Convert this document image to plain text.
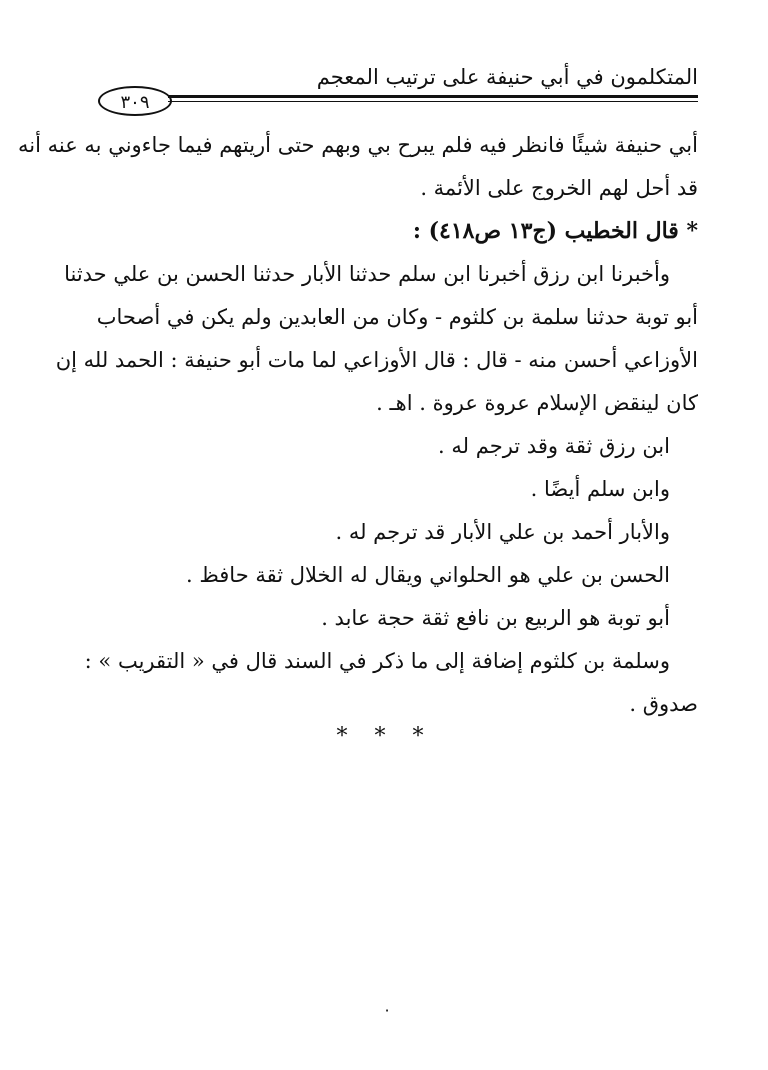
المتكلمون في أبي حنيفة على ترتيب المعجم
٣٠٩
أبي حنيفة شيئًا فانظر فيه فلم يبرح بي وبهم حتى أريتهم فيما جاءوني به عنه أنه
قد أحل لهم الخروج على الأئمة .
* قال الخطيب (ج١٣ ص٤١٨) :
وأخبرنا ابن رزق أخبرنا ابن سلم حدثنا الأبار حدثنا الحسن بن علي حدثنا
أبو توبة حدثنا سلمة بن كلثوم - وكان من العابدين ولم يكن في أصحاب
الأوزاعي أحسن منه - قال : قال الأوزاعي لما مات أبو حنيفة : الحمد لله إن
كان لينقض الإسلام عروة عروة . اهـ .
ابن رزق ثقة وقد ترجم له .
وابن سلم أيضًا .
والأبار أحمد بن علي الأبار قد ترجم له .
الحسن بن علي هو الحلواني ويقال له الخلال ثقة حافظ .
أبو توبة هو الربيع بن نافع ثقة حجة عابد .
وسلمة بن كلثوم إضافة إلى ما ذكر في السند قال في « التقريب » :
صدوق .
* * *
٠
